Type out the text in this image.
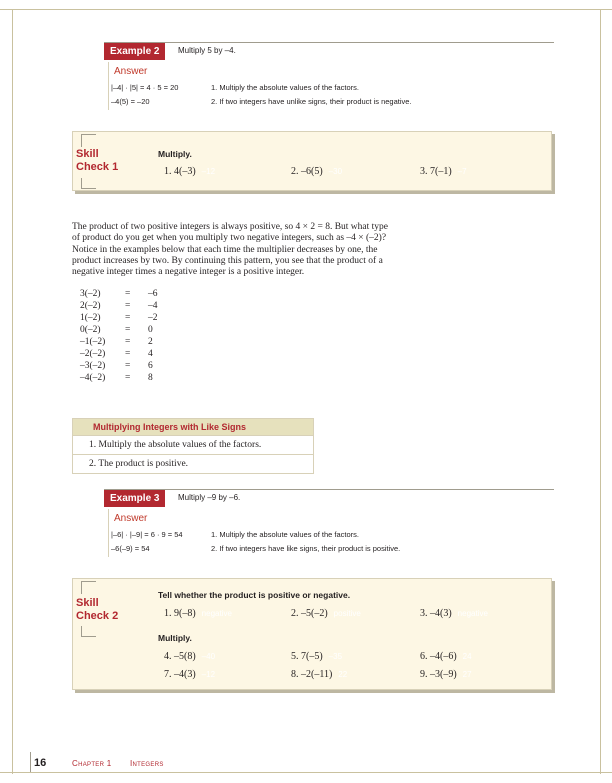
Example 2	Multiply 5 by –4.
Answer
|–4| · |5| = 4 · 5 = 20	1. Multiply the absolute values of the factors.
–4(5) = –20	2. If two integers have unlike signs, their product is negative.
Skill
Check 1
Multiply.
1. 4(–3) –12	2. –6(5) –30	3. 7(–1) –7
The product of two positive integers is always positive, so 4 × 2 = 8. But what type
of product do you get when you multiply two negative integers, such as –4 × (–2)?
Notice in the examples below that each time the multiplier decreases by one, the
product increases by two. By continuing this pattern, you see that the product of a
negative integer times a negative integer is a positive integer.
3(–2)	= –6
2(–2)	= –4
1(–2)	= –2
0(–2)	= 0
–1(–2) = 2
–2(–2) = 4
–3(–2) = 6
–4(–2) = 8
Multiplying Integers with Like Signs
1. Multiply the absolute values of the factors.
2. The product is positive.
Example 3	Multiply –9 by –6.
Answer
|–6| · |–9| = 6 · 9 = 54	1. Multiply the absolute values of the factors.
–6(–9) = 54	2. If two integers have like signs, their product is positive.
Skill
Check 2
Tell whether the product is positive or negative.
1. 9(–8) negative	2. –5(–2) positive	3. –4(3) negative
Multiply.
4. –5(8) –40	5. 7(–5) –35	6. –4(–6) 24
7. –4(3) –12	8. –2(–11) 22	9. –3(–9) 27
16	Chapter 1 Integers
